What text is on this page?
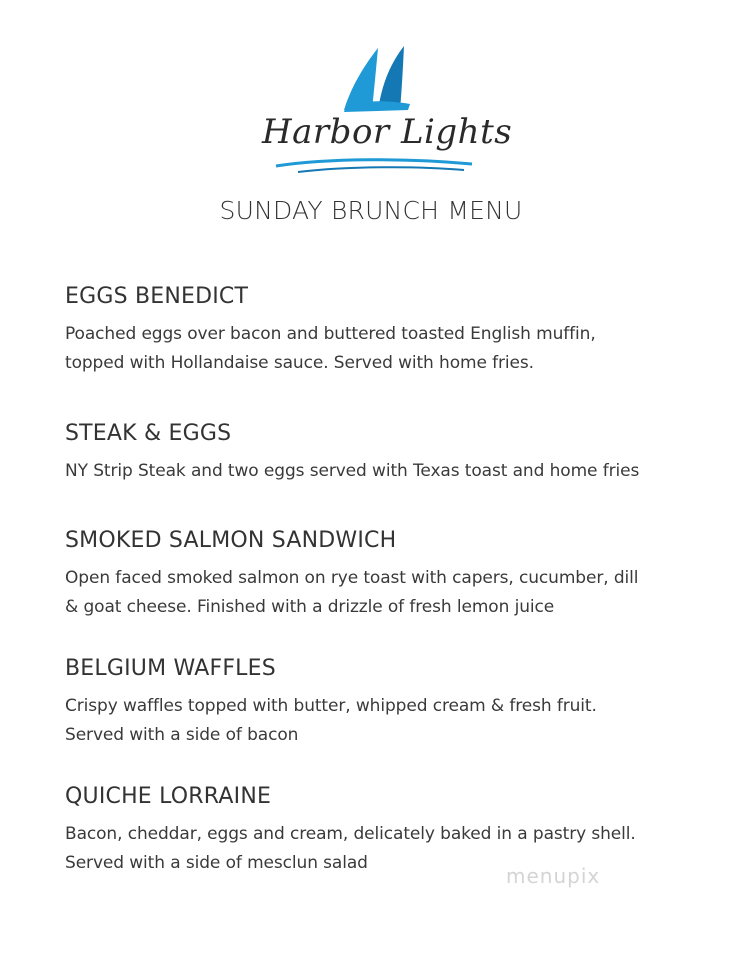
Harbor Lights
SUNDAY BRUNCH MENU
EGGS BENEDICT
Poached eggs over bacon and buttered toasted English muffin,
topped with Hollandaise sauce. Served with home fries.
STEAK & EGGS
NY Strip Steak and two eggs served with Texas toast and home fries
SMOKED SALMON SANDWICH
Open faced smoked salmon on rye toast with capers, cucumber, dill
& goat cheese. Finished with a drizzle of fresh lemon juice
BELGIUM WAFFLES
Crispy waffles topped with butter, whipped cream & fresh fruit.
Served with a side of bacon
QUICHE LORRAINE
Bacon, cheddar, eggs and cream, delicately baked in a pastry shell.
Served with a side of mesclun salad
menupix
